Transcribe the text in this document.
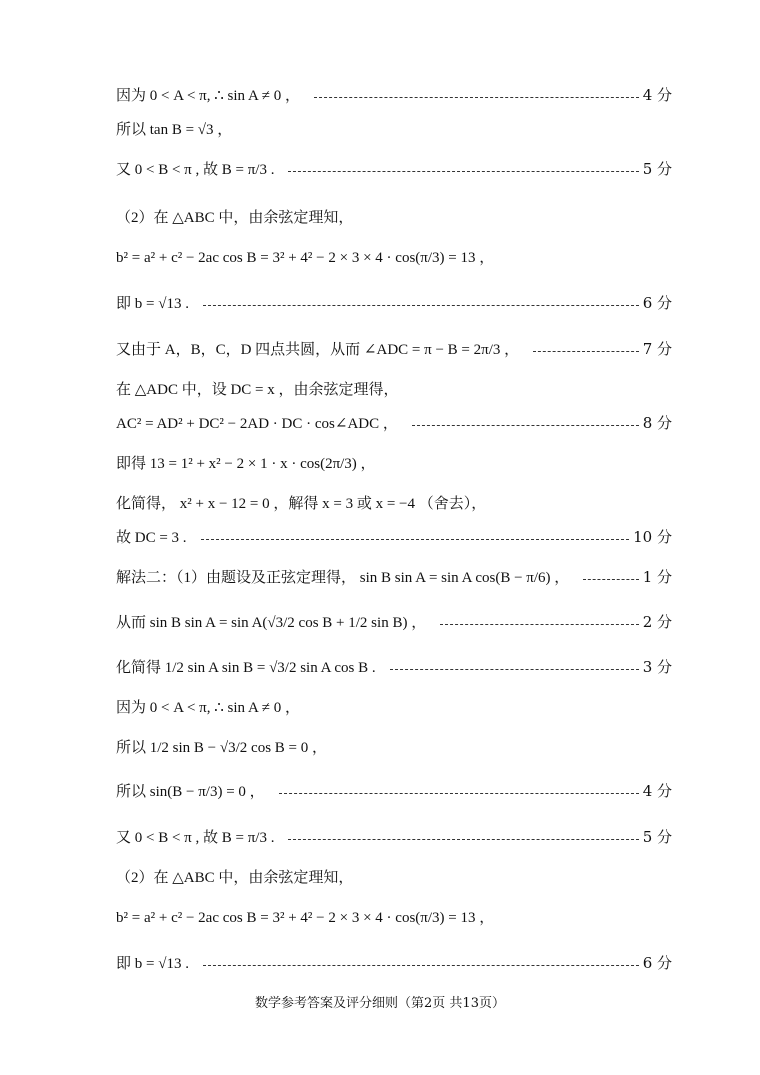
因为 0 < A < π, ∴ sin A ≠ 0 ，	4 分
所以 tan B = √3 ，
又 0 < B < π , 故 B = π/3 .	5 分
（2）在 △ABC 中，由余弦定理知，
b² = a² + c² − 2ac cos B = 3² + 4² − 2 × 3 × 4 · cos(π/3) = 13 ，
即 b = √13 .	6 分
又由于 A，B，C，D 四点共圆，从而 ∠ADC = π − B = 2π/3 ，	7 分
在 △ADC 中，设 DC = x ，由余弦定理得，
AC² = AD² + DC² − 2AD · DC · cos∠ADC ，	8 分
即得 13 = 1² + x² − 2 × 1 · x · cos(2π/3) ，
化简得， x² + x − 12 = 0 ，解得 x = 3 或 x = −4 （舍去），
故 DC = 3 .	10 分
解法二：（1）由题设及正弦定理得， sin B sin A = sin A cos(B − π/6) ，	1 分
从而 sin B sin A = sin A(√3/2 cos B + 1/2 sin B) ，	2 分
化简得 1/2 sin A sin B = √3/2 sin A cos B .	3 分
因为 0 < A < π, ∴ sin A ≠ 0 ，
所以 1/2 sin B − √3/2 cos B = 0 ，
所以 sin(B − π/3) = 0 ，	4 分
又 0 < B < π , 故 B = π/3 .	5 分
（2）在 △ABC 中，由余弦定理知，
b² = a² + c² − 2ac cos B = 3² + 4² − 2 × 3 × 4 · cos(π/3) = 13 ，
即 b = √13 .	6 分
数学参考答案及评分细则（第2页 共13页）
